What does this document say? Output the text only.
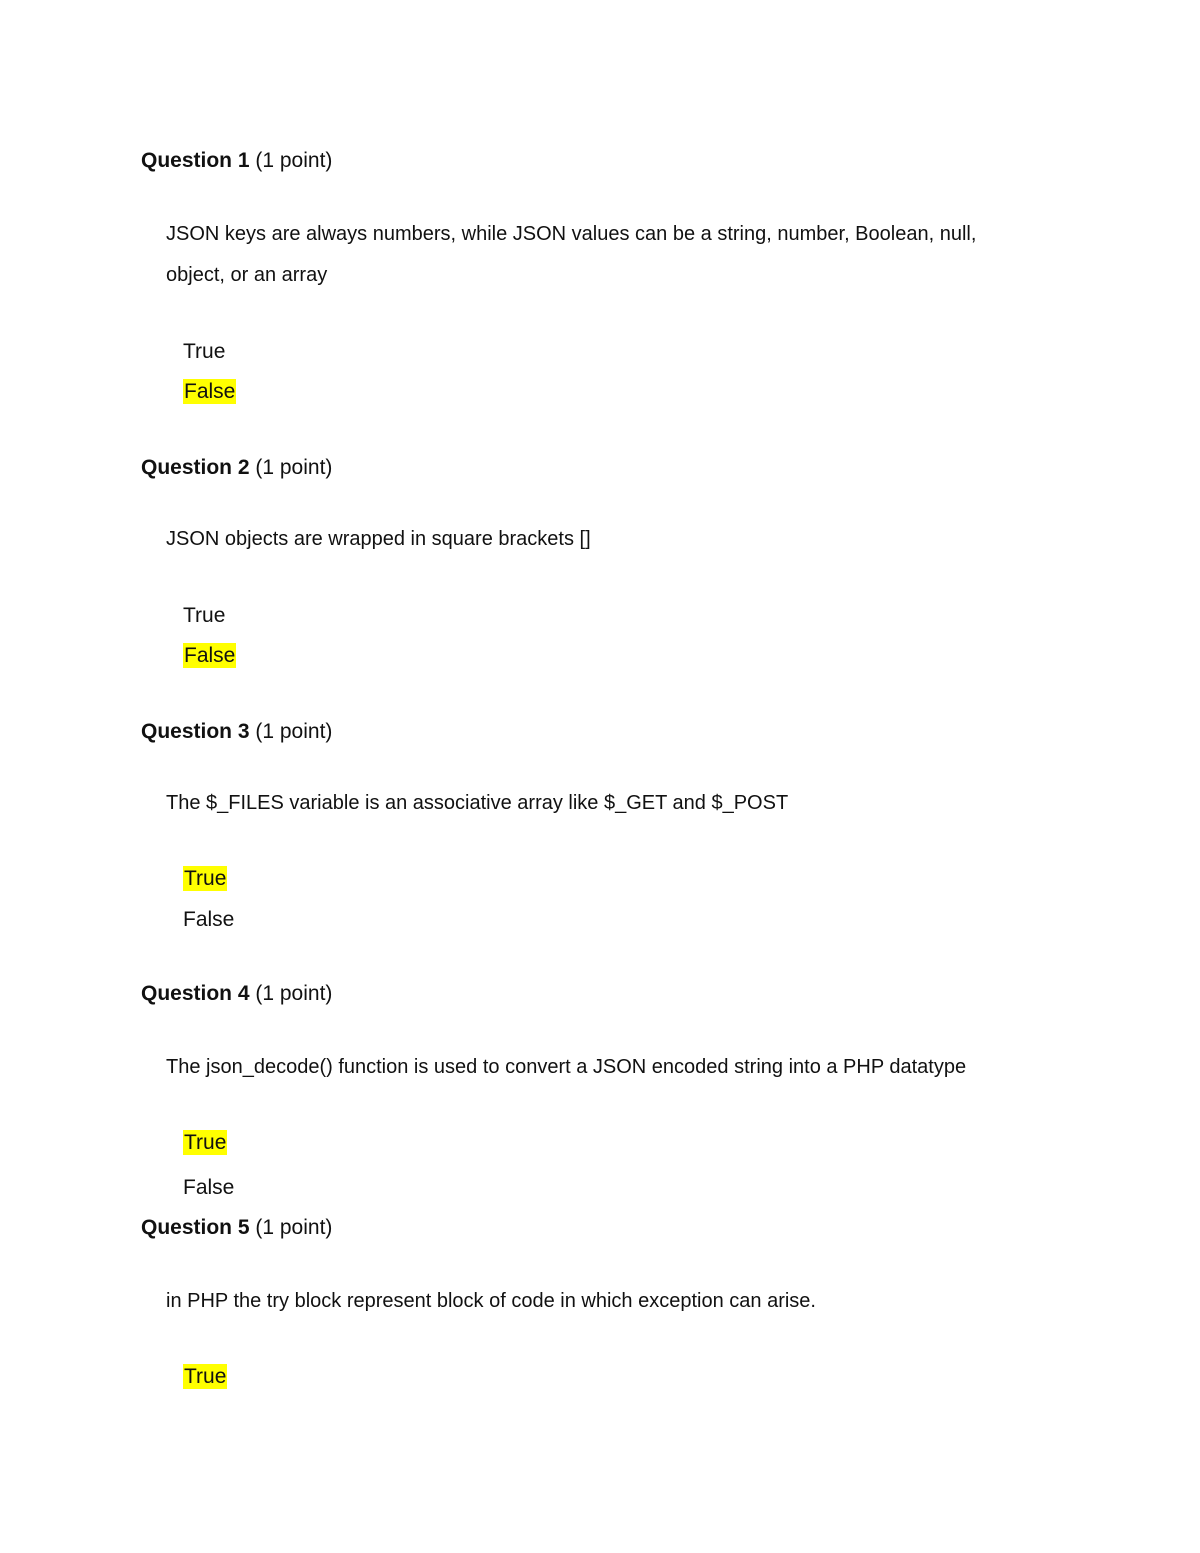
Question 1 (1 point)
JSON keys are always numbers, while JSON values can be a string, number, Boolean, null, object, or an array
True
False
Question 2 (1 point)
JSON objects are wrapped in square brackets []
True
False
Question 3 (1 point)
The $_FILES variable is an associative array like $_GET and $_POST
True
False
Question 4 (1 point)
The json_decode() function is used to convert a JSON encoded string into a PHP datatype
True
False
Question 5 (1 point)
in PHP the try block represent block of code in which exception can arise.
True
